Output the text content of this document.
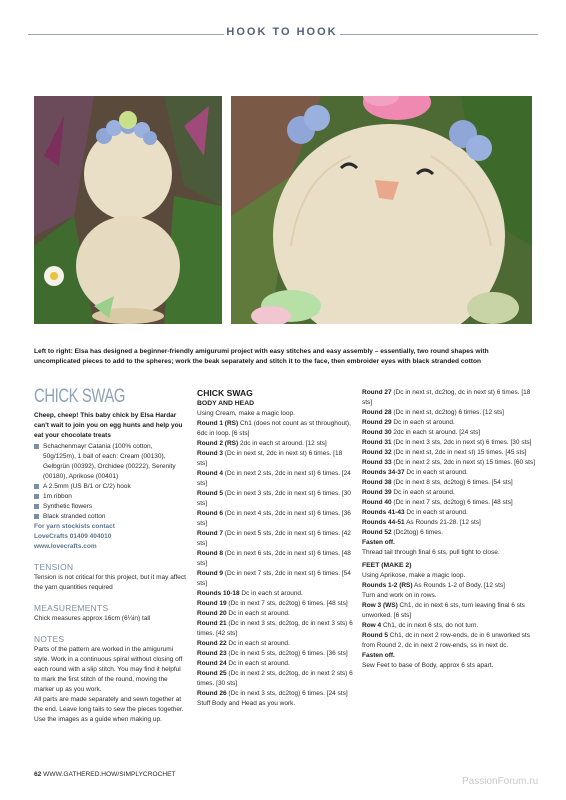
HOOK TO HOOK
Left to right: Elsa has designed a beginner-friendly amigurumi project with easy stitches and easy assembly – essentially, two round shapes with uncomplicated pieces to add to the spheres; work the beak separately and stitch it to the face, then embroider eyes with black stranded cotton
CHICK SWAG
Cheep, cheep! This baby chick by Elsa Hardar can't wait to join you on egg hunts and help you eat your chocolate treats
Schachenmayr Catania (100% cotton, 50g/125m), 1 ball of each: Cream (00130), Gelbgrün (00392), Orchidee (00222), Serenity (00180), Aprikose (00401)
A 2.5mm (US B/1 or C/2) hook
1m ribbon
Synthetic flowers
Black stranded cotton
For yarn stockists contact
LoveCrafts 01409 404010
www.lovecrafts.com
TENSION
Tension is not critical for this project, but it may affect the yarn quantities required
MEASUREMENTS
Chick measures approx 16cm (6¼in) tall
NOTES
Parts of the pattern are worked in the amigurumi style. Work in a continuous spiral without closing off each round with a slip stitch. You may find it helpful to mark the first stitch of the round, moving the marker up as you work.
All parts are made separately and sewn together at the end. Leave long tails to sew the pieces together.
Use the images as a guide when making up.
CHICK SWAG
BODY AND HEAD
Using Cream, make a magic loop.
Round 1 (RS) Ch1 (does not count as st throughout), 6dc in loop. [6 sts]
Round 2 (RS) 2dc in each st around. [12 sts]
Round 3 (Dc in next st, 2dc in next st) 6 times. [18 sts]
Round 4 (Dc in next 2 sts, 2dc in next st) 6 times. [24 sts]
Round 5 (Dc in next 3 sts, 2dc in next st) 6 times. [30 sts]
Round 6 (Dc in next 4 sts, 2dc in next st) 6 times. [36 sts]
Round 7 (Dc in next 5 sts, 2dc in next st) 6 times. [42 sts]
Round 8 (Dc in next 6 sts, 2dc in next st) 6 times. [48 sts]
Round 9 (Dc in next 7 sts, 2dc in next st) 6 times. [54 sts]
Rounds 10-18 Dc in each st around.
Round 19 (Dc in next 7 sts, dc2tog) 6 times. [48 sts]
Round 20 Dc in each st around.
Round 21 (Dc in next 3 sts, dc2tog, dc in next 3 sts) 6 times. [42 sts]
Round 22 Dc in each st around.
Round 23 (Dc in next 5 sts, dc2tog) 6 times. [36 sts]
Round 24 Dc in each st around.
Round 25 (Dc in next 2 sts, dc2tog, dc in next 2 sts) 6 times. [30 sts]
Round 26 (Dc in next 3 sts, dc2tog) 6 times. [24 sts]
Stuff Body and Head as you work.
Round 27 (Dc in next st, dc2tog, dc in next st) 6 times. [18 sts]
Round 28 (Dc in next st, dc2tog) 6 times. [12 sts]
Round 29 Dc in each st around.
Round 30 2dc in each st around. [24 sts]
Round 31 (Dc in next 3 sts, 2dc in next st) 6 times. [30 sts]
Round 32 (Dc in next st, 2dc in next st) 15 times. [45 sts]
Round 33 (Dc in next 2 sts, 2dc in next st) 15 times. [60 sts]
Rounds 34-37 Dc in each st around.
Round 38 (Dc in next 8 sts, dc2tog) 6 times. [54 sts]
Round 39 Dc in each st around.
Round 40 (Dc in next 7 sts, dc2tog) 6 times. [48 sts]
Rounds 41-43 Dc in each st around.
Rounds 44-51 As Rounds 21-28. [12 sts]
Round 52 (Dc2tog) 6 times.
Fasten off.
Thread tail through final 6 sts, pull tight to close.
FEET (MAKE 2)
Using Aprikose, make a magic loop.
Rounds 1-2 (RS) As Rounds 1-2 of Body. [12 sts]
Turn and work on in rows.
Row 3 (WS) Ch1, dc in next 6 sts, turn leaving final 6 sts unworked. [6 sts]
Row 4 Ch1, dc in next 6 sts, do not turn.
Round 5 Ch1, dc in next 2 row-ends, dc in 6 unworked sts from Round 2, dc in next 2 row-ends, ss in next dc.
Fasten off.
Sew Feet to base of Body, approx 6 sts apart.
62 WWW.GATHERED.HOW/SIMPLYCROCHET
PassionForum.ru
